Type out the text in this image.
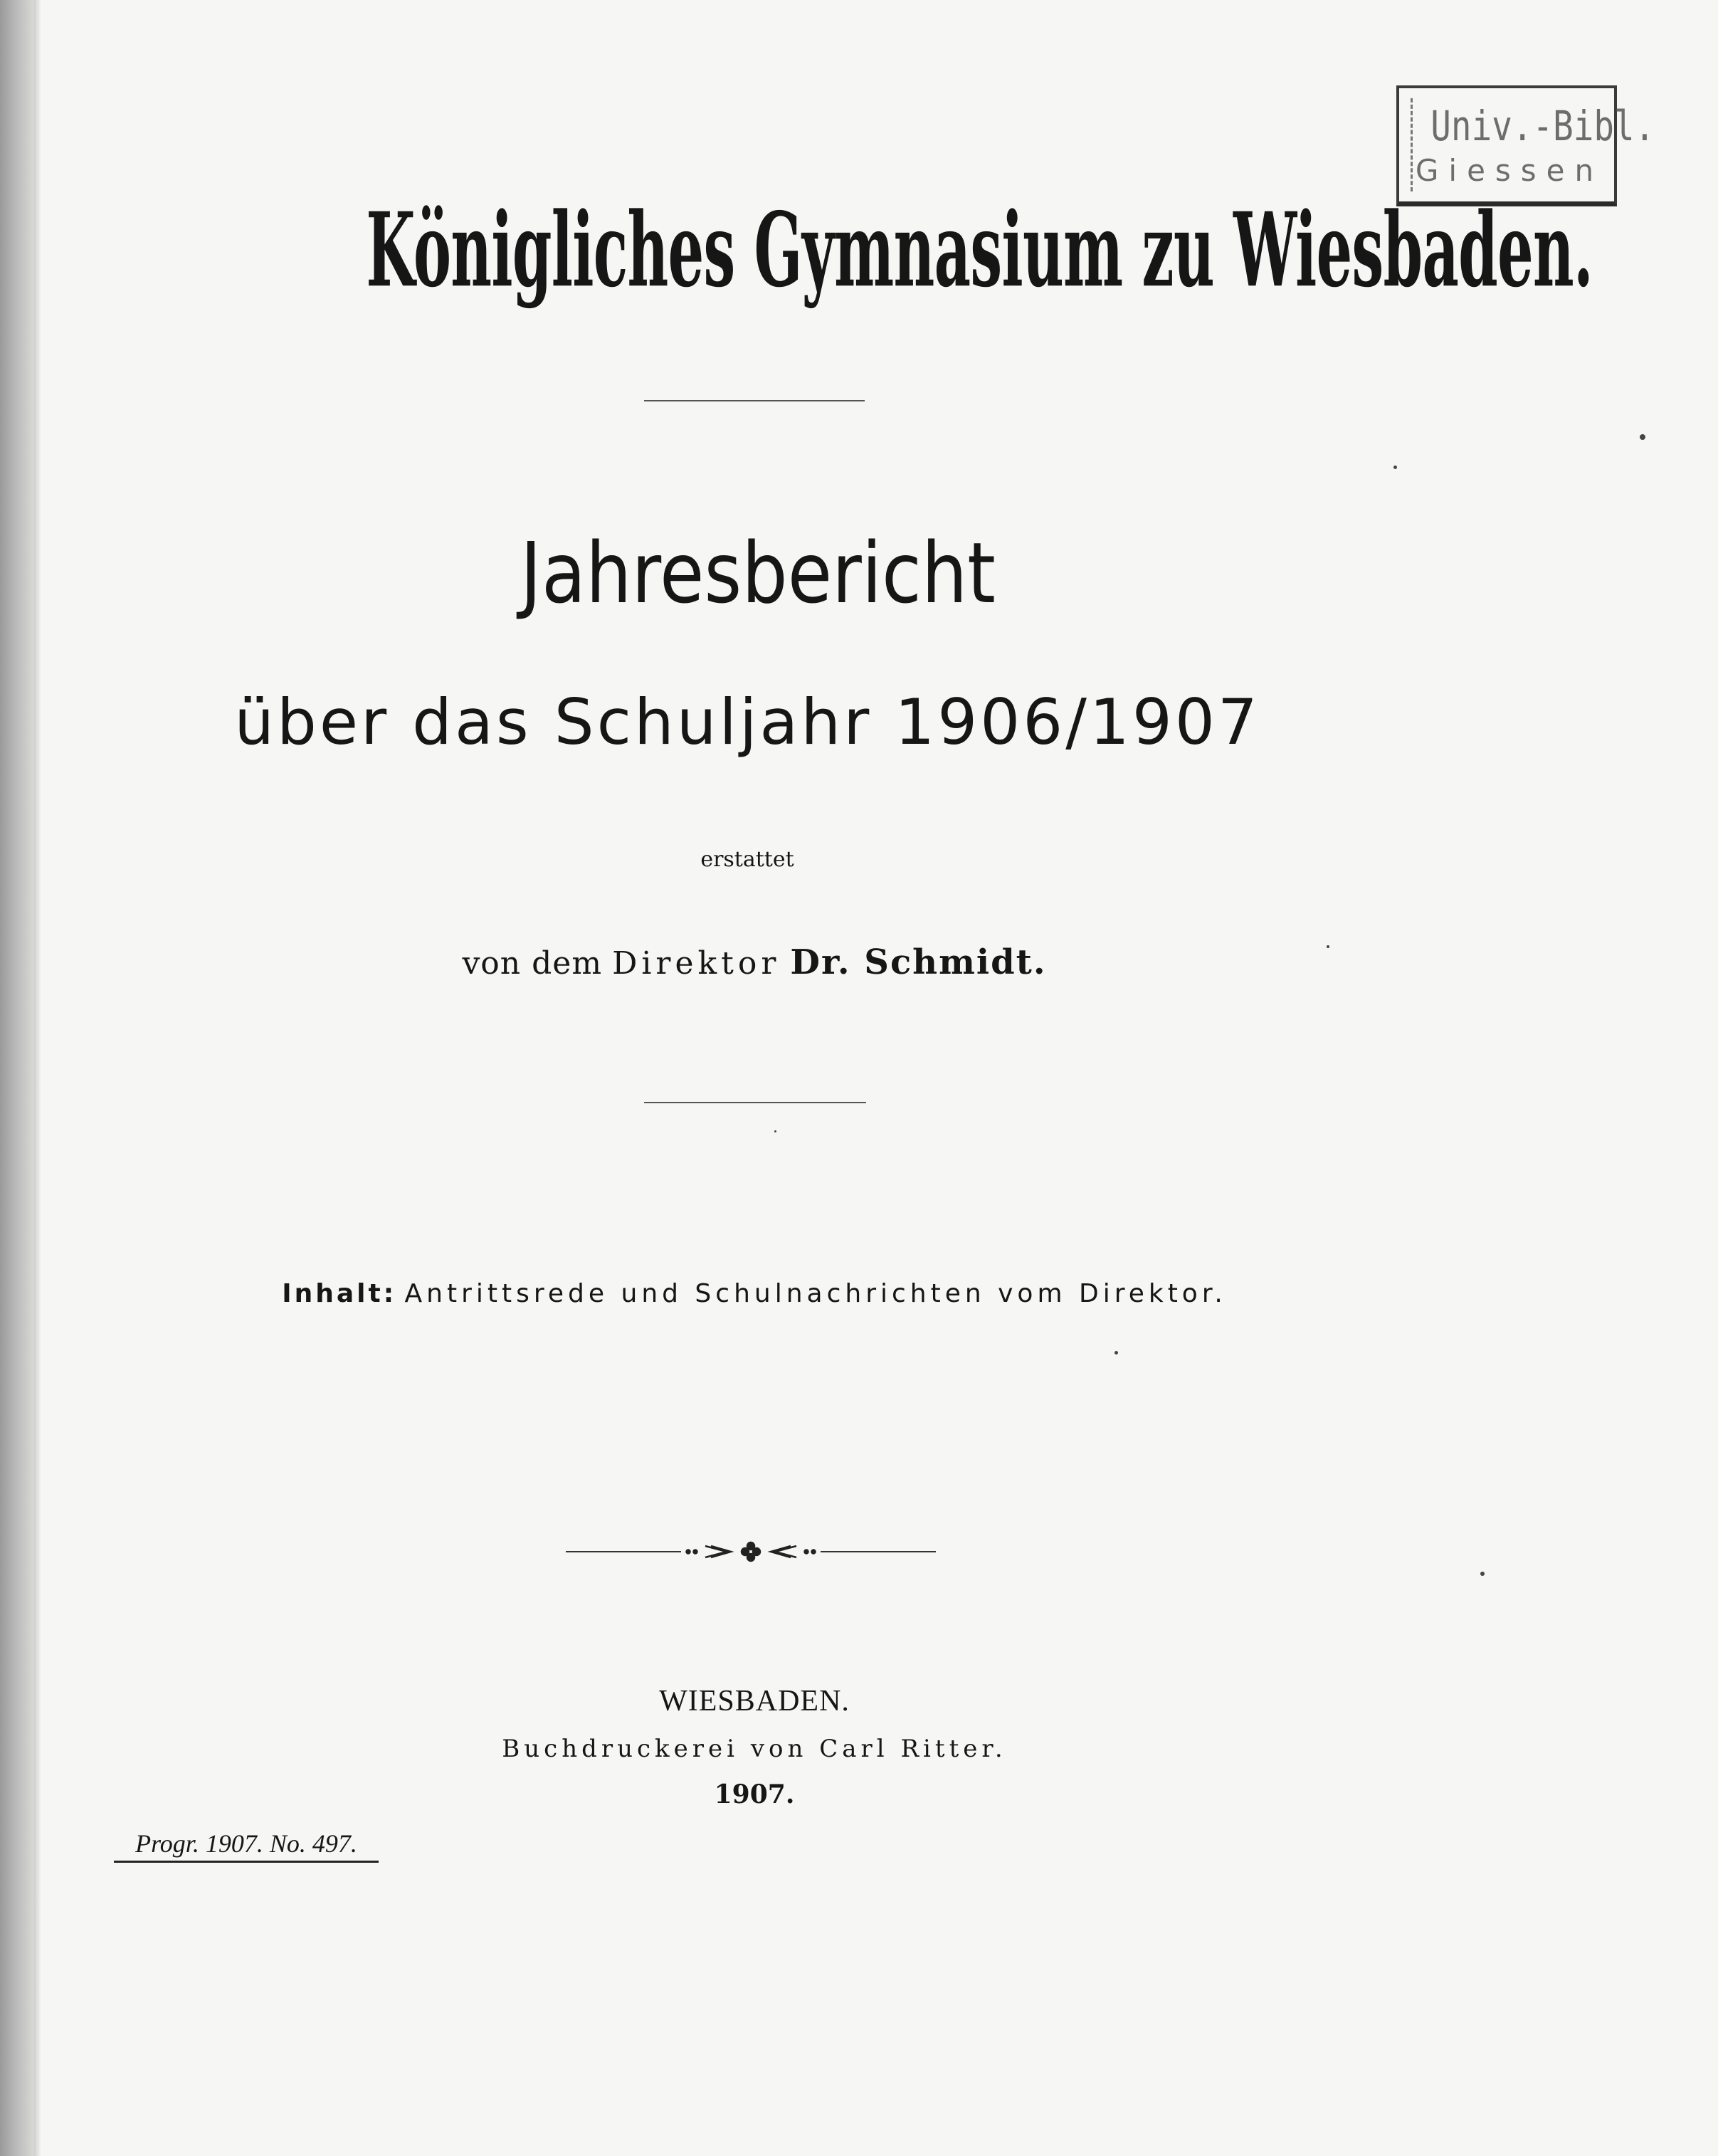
Univ.-Bibl.
Giessen
Königliches Gymnasium zu Wiesbaden.
Jahresbericht
über das Schuljahr 1906/1907
erstattet
von dem Direktor Dr. Schmidt.
Inhalt: Antrittsrede und Schulnachrichten vom Direktor.
WIESBADEN.
Buchdruckerei von Carl Ritter.
1907.
Progr. 1907. No. 497.
